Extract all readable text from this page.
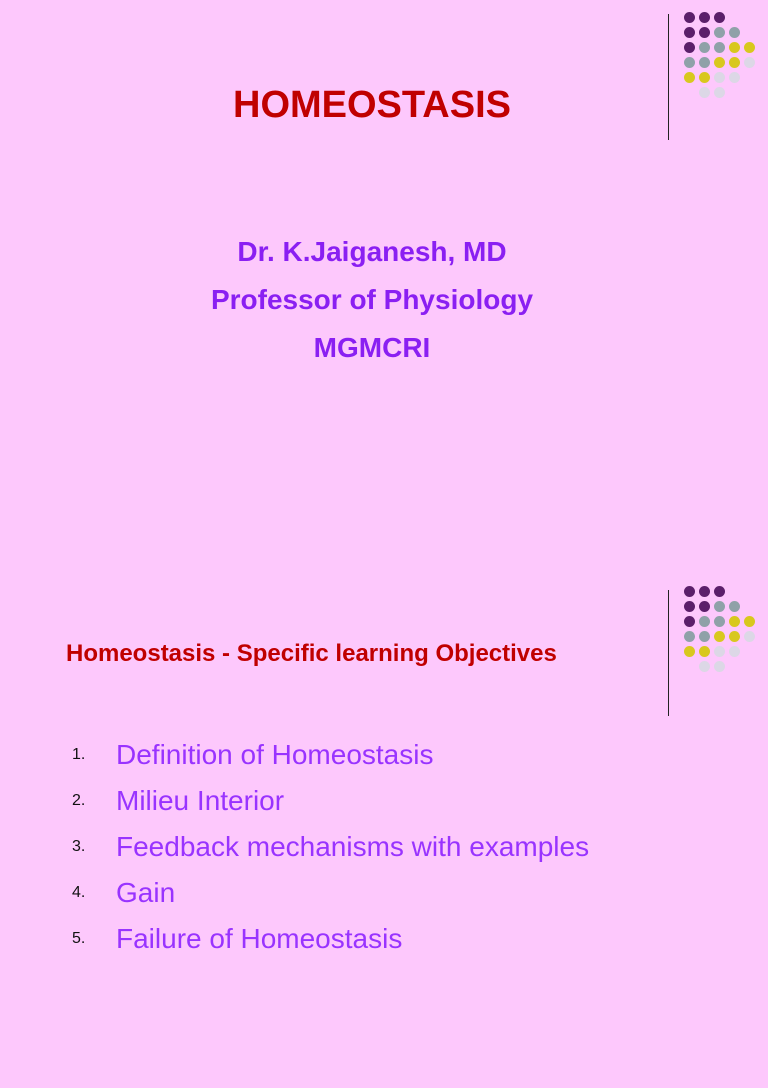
HOMEOSTASIS
Dr. K.Jaiganesh, MD
Professor of Physiology
MGMCRI
Homeostasis - Specific learning Objectives
1.	Definition of Homeostasis
2.	Milieu Interior
3.	Feedback mechanisms with examples
4.	Gain
5.	Failure of Homeostasis
